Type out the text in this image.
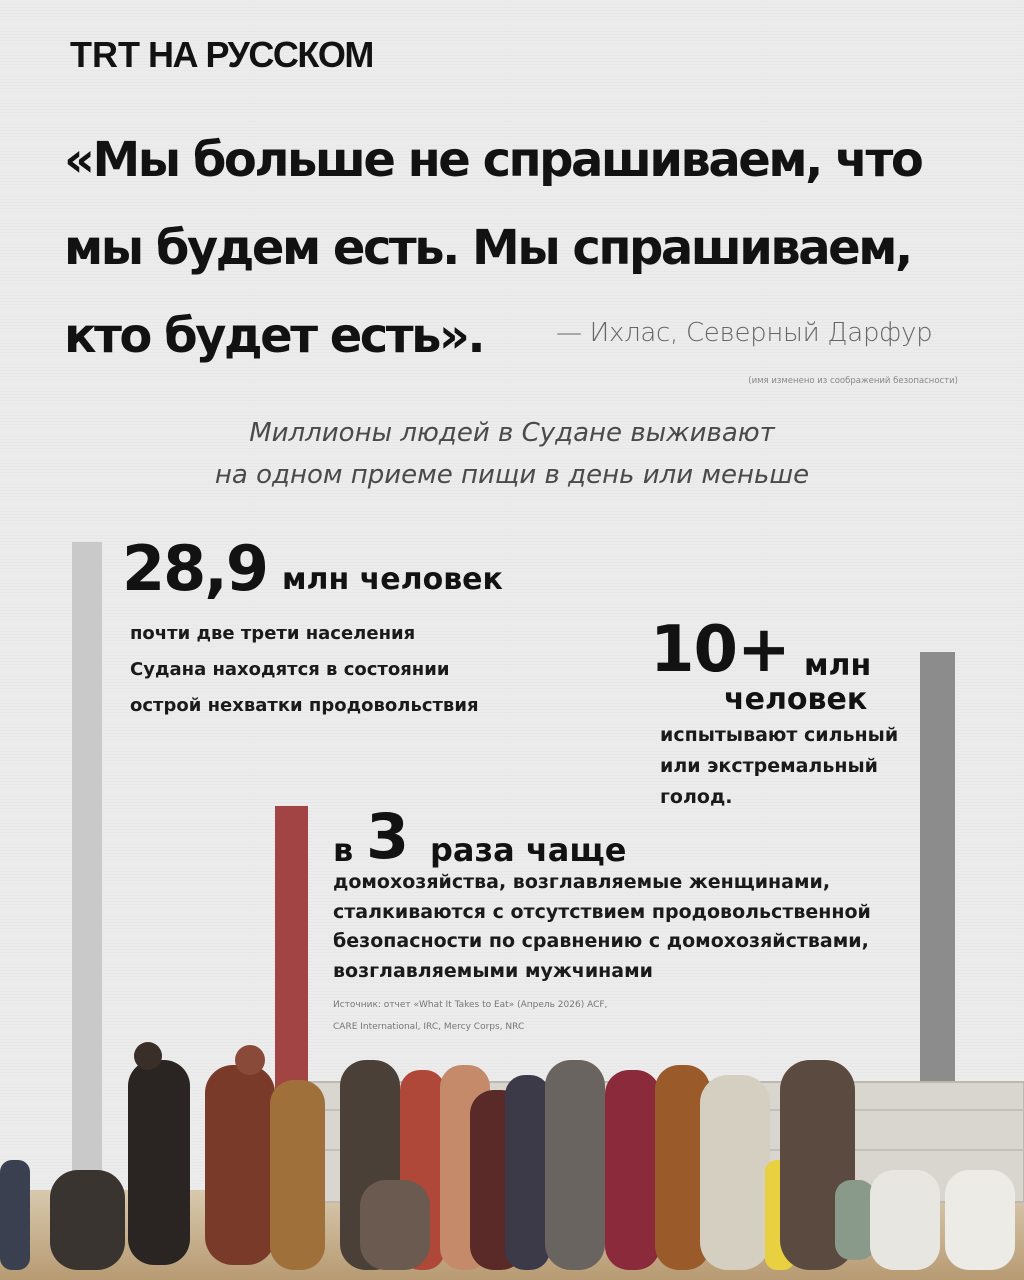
TRT НА РУССКОМ
«Мы больше не спрашиваем, что
мы будем есть. Мы спрашиваем,
кто будет есть».	— Ихлас, Северный Дарфур
(имя изменено из соображений безопасности)
Миллионы людей в Судане выживают
на одном приеме пищи в день или меньше
28,9 млн человек
почти две трети населения
Судана находятся в состоянии
острой нехватки продовольствия
10+ млн
человек
испытывают сильный
или экстремальный
голод.
в 3 раза чаще
домохозяйства, возглавляемые женщинами,
сталкиваются с отсутствием продовольственной
безопасности по сравнению с домохозяйствами,
возглавляемыми мужчинами
Источник: отчет «What It Takes to Eat» (Апрель 2026) ACF,
CARE International, IRC, Mercy Corps, NRC
